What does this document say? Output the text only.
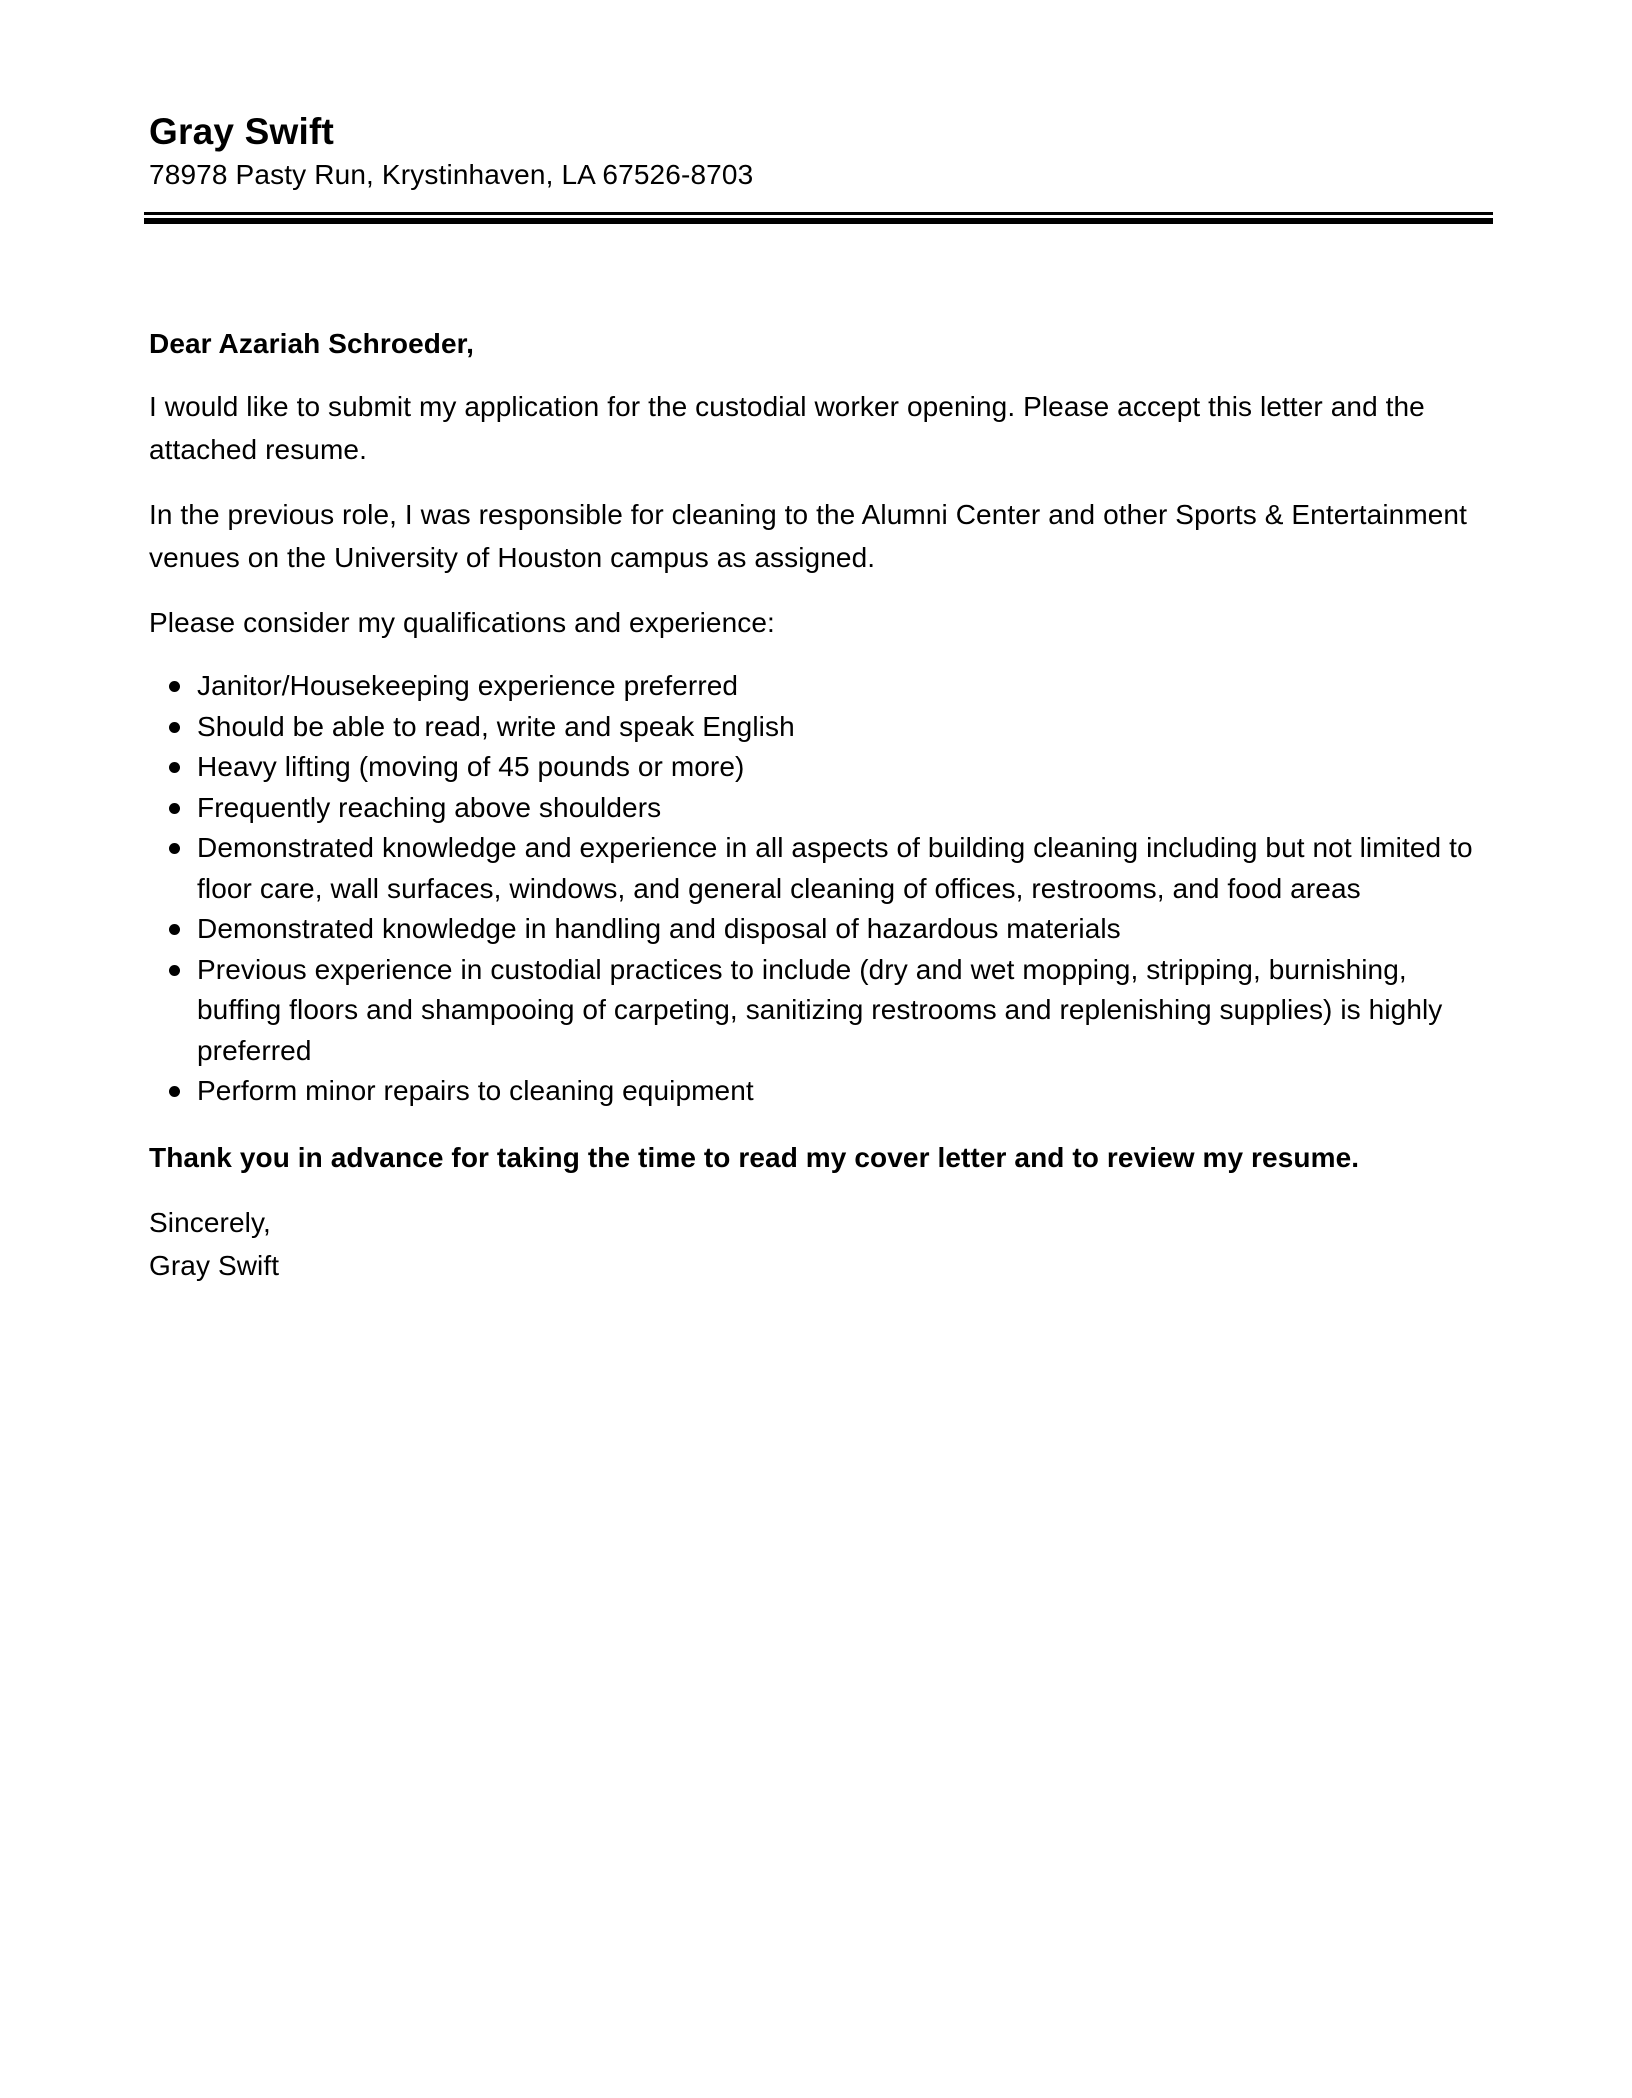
Gray Swift

78978 Pasty Run, Krystinhaven, LA 67526-8703

Dear Azariah Schroeder,

I would like to submit my application for the custodial worker opening. Please accept this letter and the attached resume.

In the previous role, I was responsible for cleaning to the Alumni Center and other Sports & Entertainment venues on the University of Houston campus as assigned.

Please consider my qualifications and experience:

Janitor/Housekeeping experience preferred
Should be able to read, write and speak English
Heavy lifting (moving of 45 pounds or more)
Frequently reaching above shoulders
Demonstrated knowledge and experience in all aspects of building cleaning including but not limited to floor care, wall surfaces, windows, and general cleaning of offices, restrooms, and food areas
Demonstrated knowledge in handling and disposal of hazardous materials
Previous experience in custodial practices to include (dry and wet mopping, stripping, burnishing, buffing floors and shampooing of carpeting, sanitizing restrooms and replenishing supplies) is highly preferred
Perform minor repairs to cleaning equipment

Thank you in advance for taking the time to read my cover letter and to review my resume.

Sincerely,
Gray Swift
